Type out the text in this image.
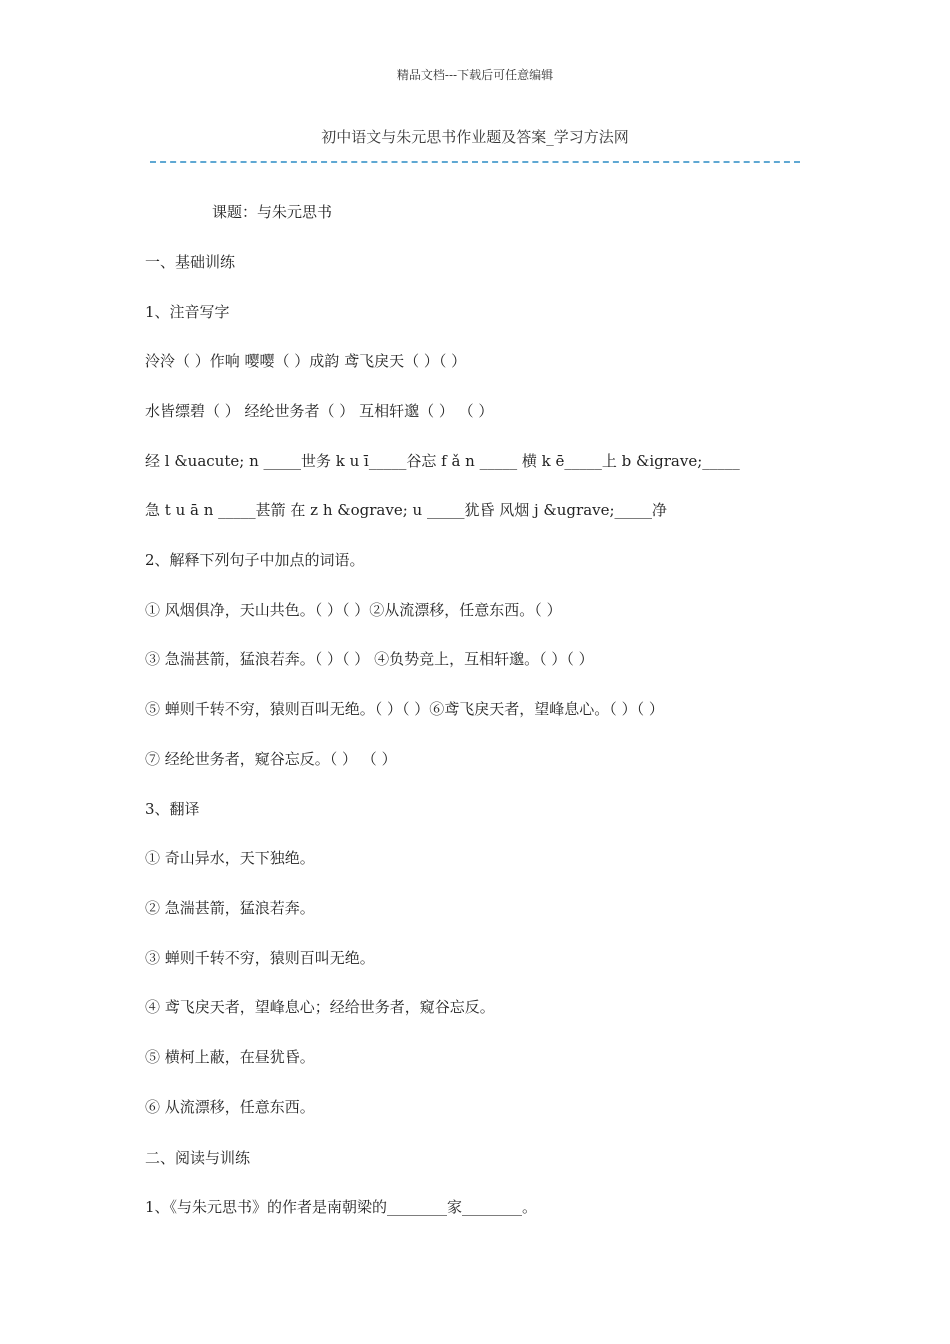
精品文档---下载后可任意编辑
初中语文与朱元思书作业题及答案_学习方法网
课题：与朱元思书
一、基础训练
1、注音写字
泠泠（ ）作响 嘤嘤（ ）成韵 鸢飞戾天（ ）（ ）
水皆缥碧（ ） 经纶世务者（ ） 互相轩邈（ ） （ ）
经 l &uacute; n _____世务 k u ī_____谷忘 f ǎ n _____ 横 k ē_____上 b &igrave;_____
急 t u ā n _____甚箭 在 z h &ograve; u _____犹昏 风烟 j &ugrave;_____净
2、解释下列句子中加点的词语。
① 风烟俱净，天山共色。（ ）（ ）②从流漂移，任意东西。（ ）
③ 急湍甚箭，猛浪若奔。（ ）（ ） ④负势竞上，互相轩邈。（ ）（ ）
⑤ 蝉则千转不穷，猿则百叫无绝。（ ）（ ）⑥鸢飞戾天者，望峰息心。（ ）（ ）
⑦ 经纶世务者，窥谷忘反。（ ） （ ）
3、翻译
① 奇山异水，天下独绝。
② 急湍甚箭，猛浪若奔。
③ 蝉则千转不穷，猿则百叫无绝。
④ 鸢飞戾天者，望峰息心；经给世务者，窥谷忘反。
⑤ 横柯上蔽，在昼犹昏。
⑥ 从流漂移，任意东西。
二、阅读与训练
1、《与朱元思书》的作者是南朝梁的________家________。
